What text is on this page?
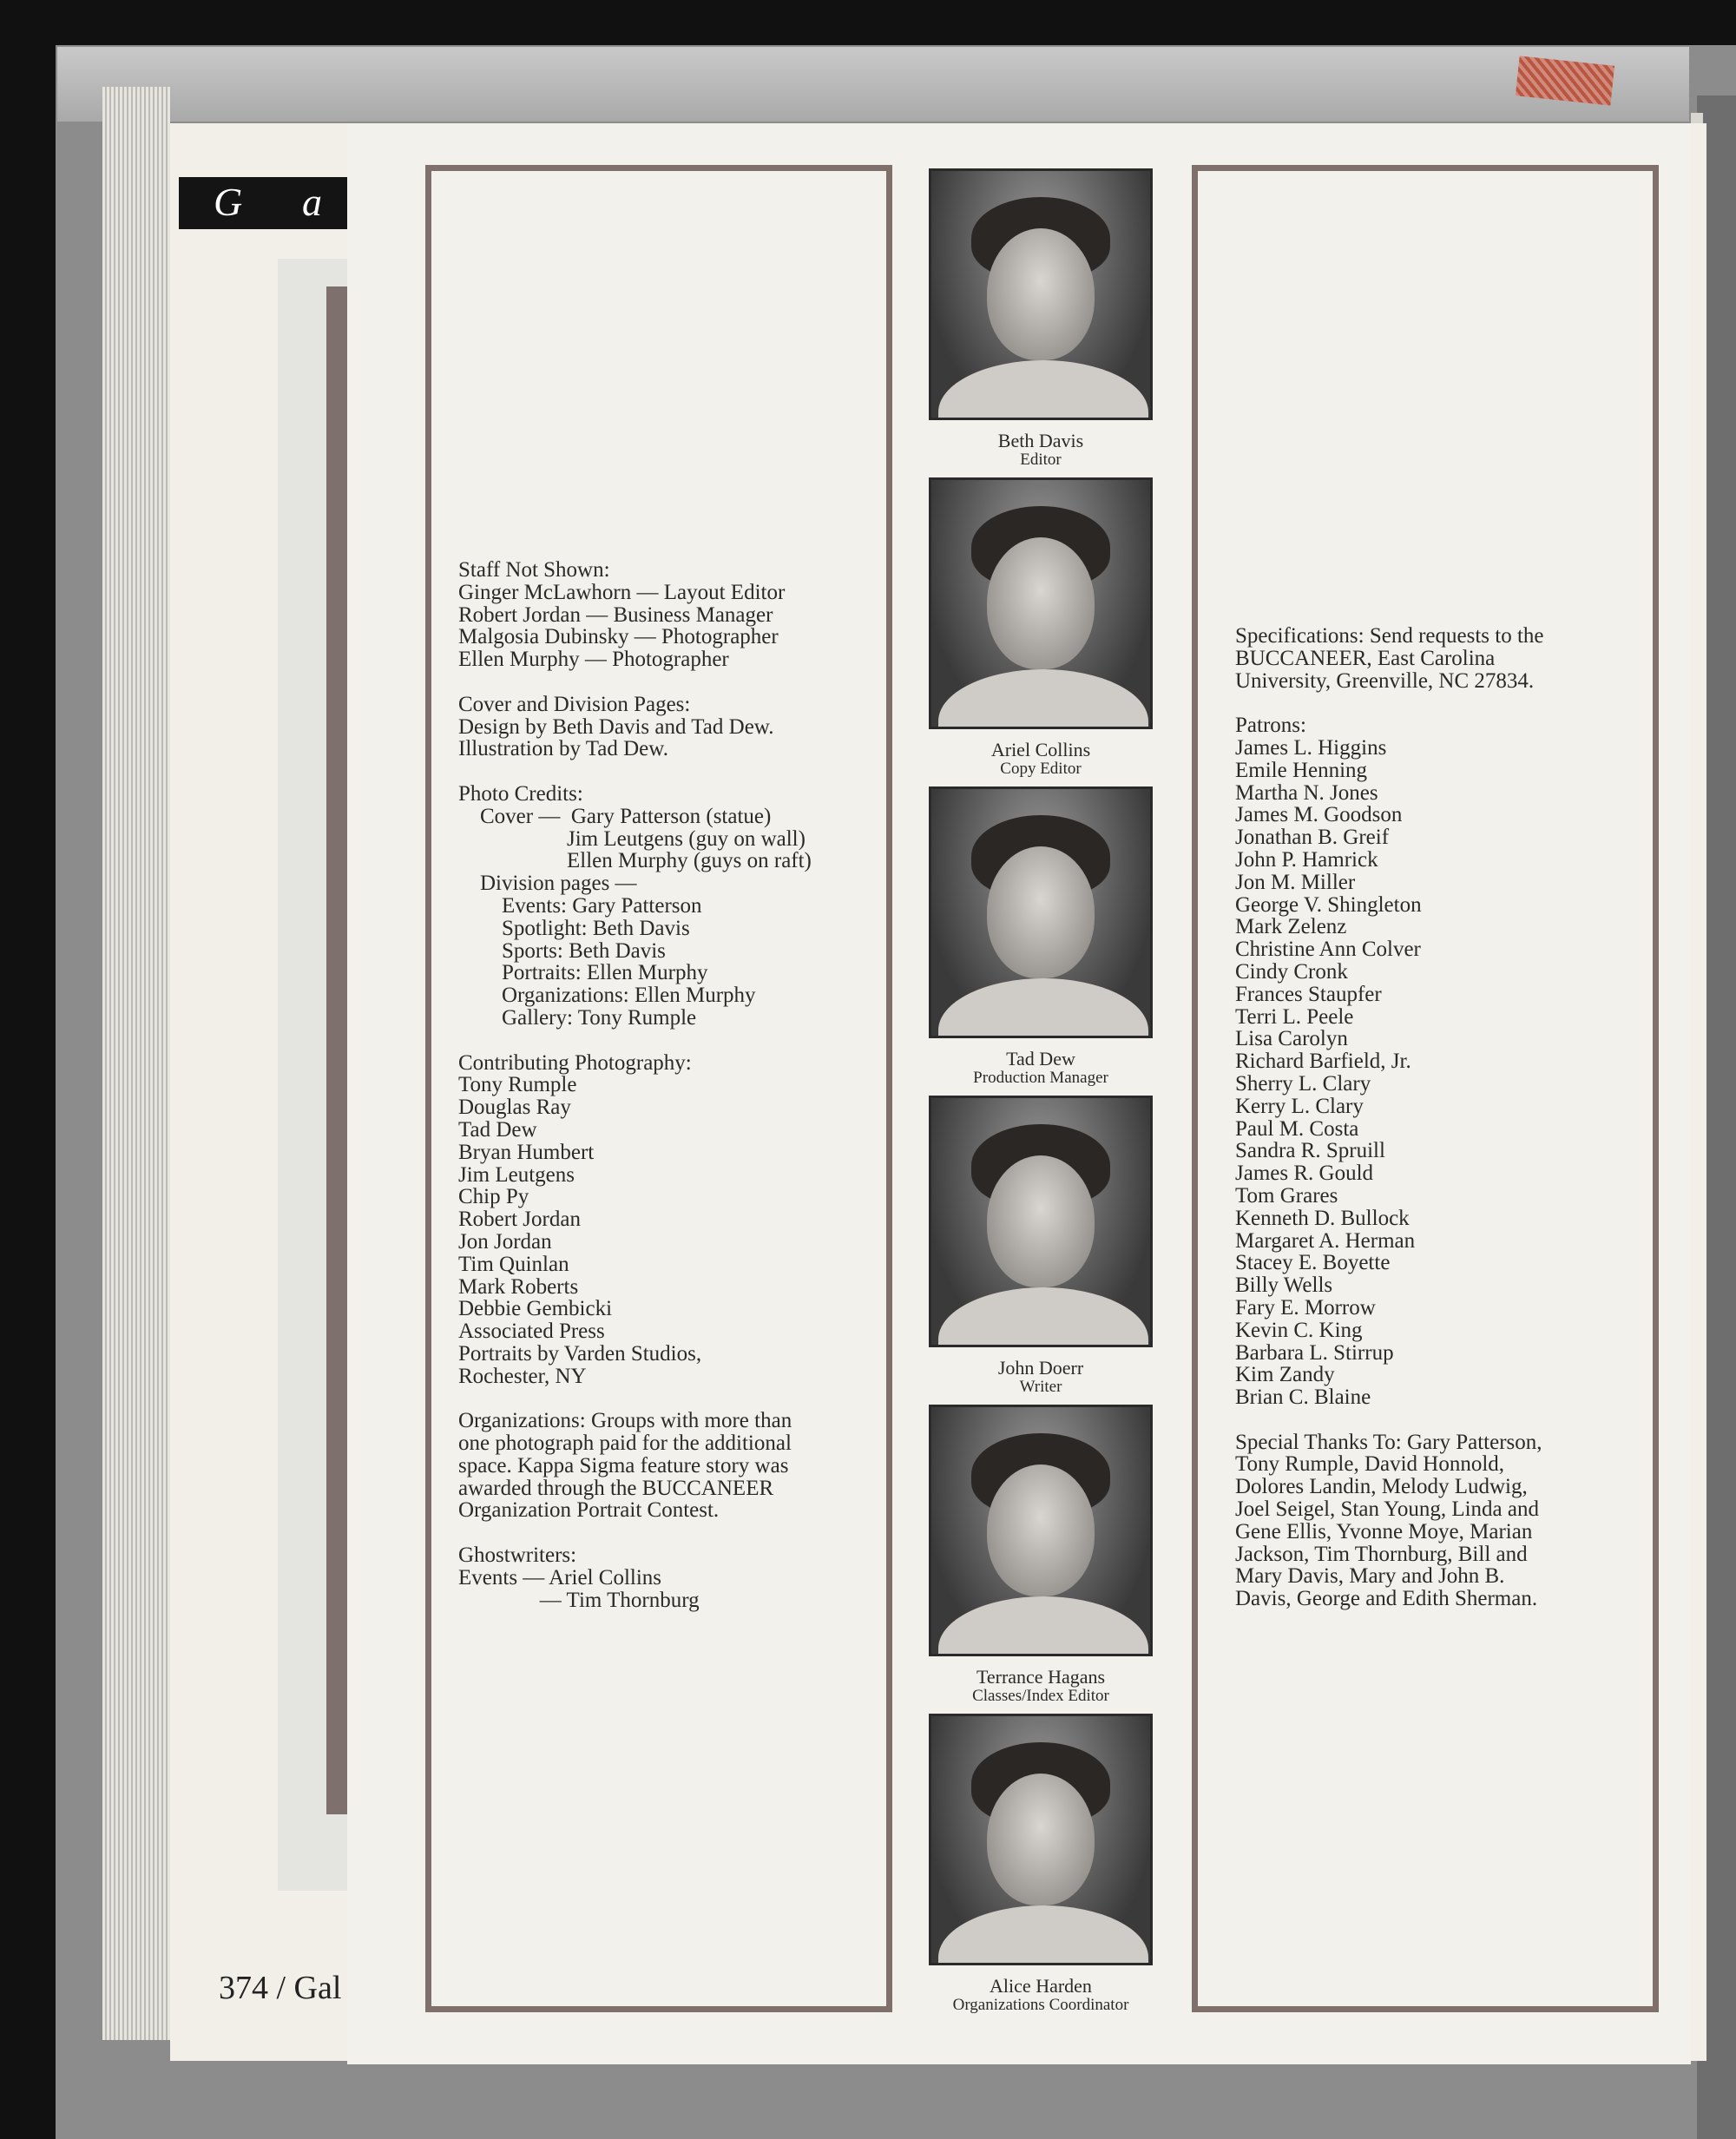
G a
374 / Gal
Staff Not Shown:
Ginger McLawhorn — Layout Editor
Robert Jordan — Business Manager
Malgosia Dubinsky — Photographer
Ellen Murphy — Photographer

Cover and Division Pages:
Design by Beth Davis and Tad Dew.
Illustration by Tad Dew.

Photo Credits:
Cover —  Gary Patterson (statue)
Jim Leutgens (guy on wall)
Ellen Murphy (guys on raft)
Division pages —
Events: Gary Patterson
Spotlight: Beth Davis
Sports: Beth Davis
Portraits: Ellen Murphy
Organizations: Ellen Murphy
Gallery: Tony Rumple

Contributing Photography:
Tony Rumple
Douglas Ray
Tad Dew
Bryan Humbert
Jim Leutgens
Chip Py
Robert Jordan
Jon Jordan
Tim Quinlan
Mark Roberts
Debbie Gembicki
Associated Press
Portraits by Varden Studios,
Rochester, NY

Organizations: Groups with more than
one photograph paid for the additional
space. Kappa Sigma feature story was
awarded through the BUCCANEER
Organization Portrait Contest.

Ghostwriters:
Events — Ariel Collins
— Tim Thornburg
Specifications: Send requests to the
BUCCANEER, East Carolina
University, Greenville, NC 27834.

Patrons:
James L. Higgins
Emile Henning
Martha N. Jones
James M. Goodson
Jonathan B. Greif
John P. Hamrick
Jon M. Miller
George V. Shingleton
Mark Zelenz
Christine Ann Colver
Cindy Cronk
Frances Staupfer
Terri L. Peele
Lisa Carolyn
Richard Barfield, Jr.
Sherry L. Clary
Kerry L. Clary
Paul M. Costa
Sandra R. Spruill
James R. Gould
Tom Grares
Kenneth D. Bullock
Margaret A. Herman
Stacey E. Boyette
Billy Wells
Fary E. Morrow
Kevin C. King
Barbara L. Stirrup
Kim Zandy
Brian C. Blaine

Special Thanks To: Gary Patterson,
Tony Rumple, David Honnold,
Dolores Landin, Melody Ludwig,
Joel Seigel, Stan Young, Linda and
Gene Ellis, Yvonne Moye, Marian
Jackson, Tim Thornburg, Bill and
Mary Davis, Mary and John B.
Davis, George and Edith Sherman.
Beth Davis
Editor
Ariel Collins
Copy Editor
Tad Dew
Production Manager
John Doerr
Writer
Terrance Hagans
Classes/Index Editor
Alice Harden
Organizations Coordinator
